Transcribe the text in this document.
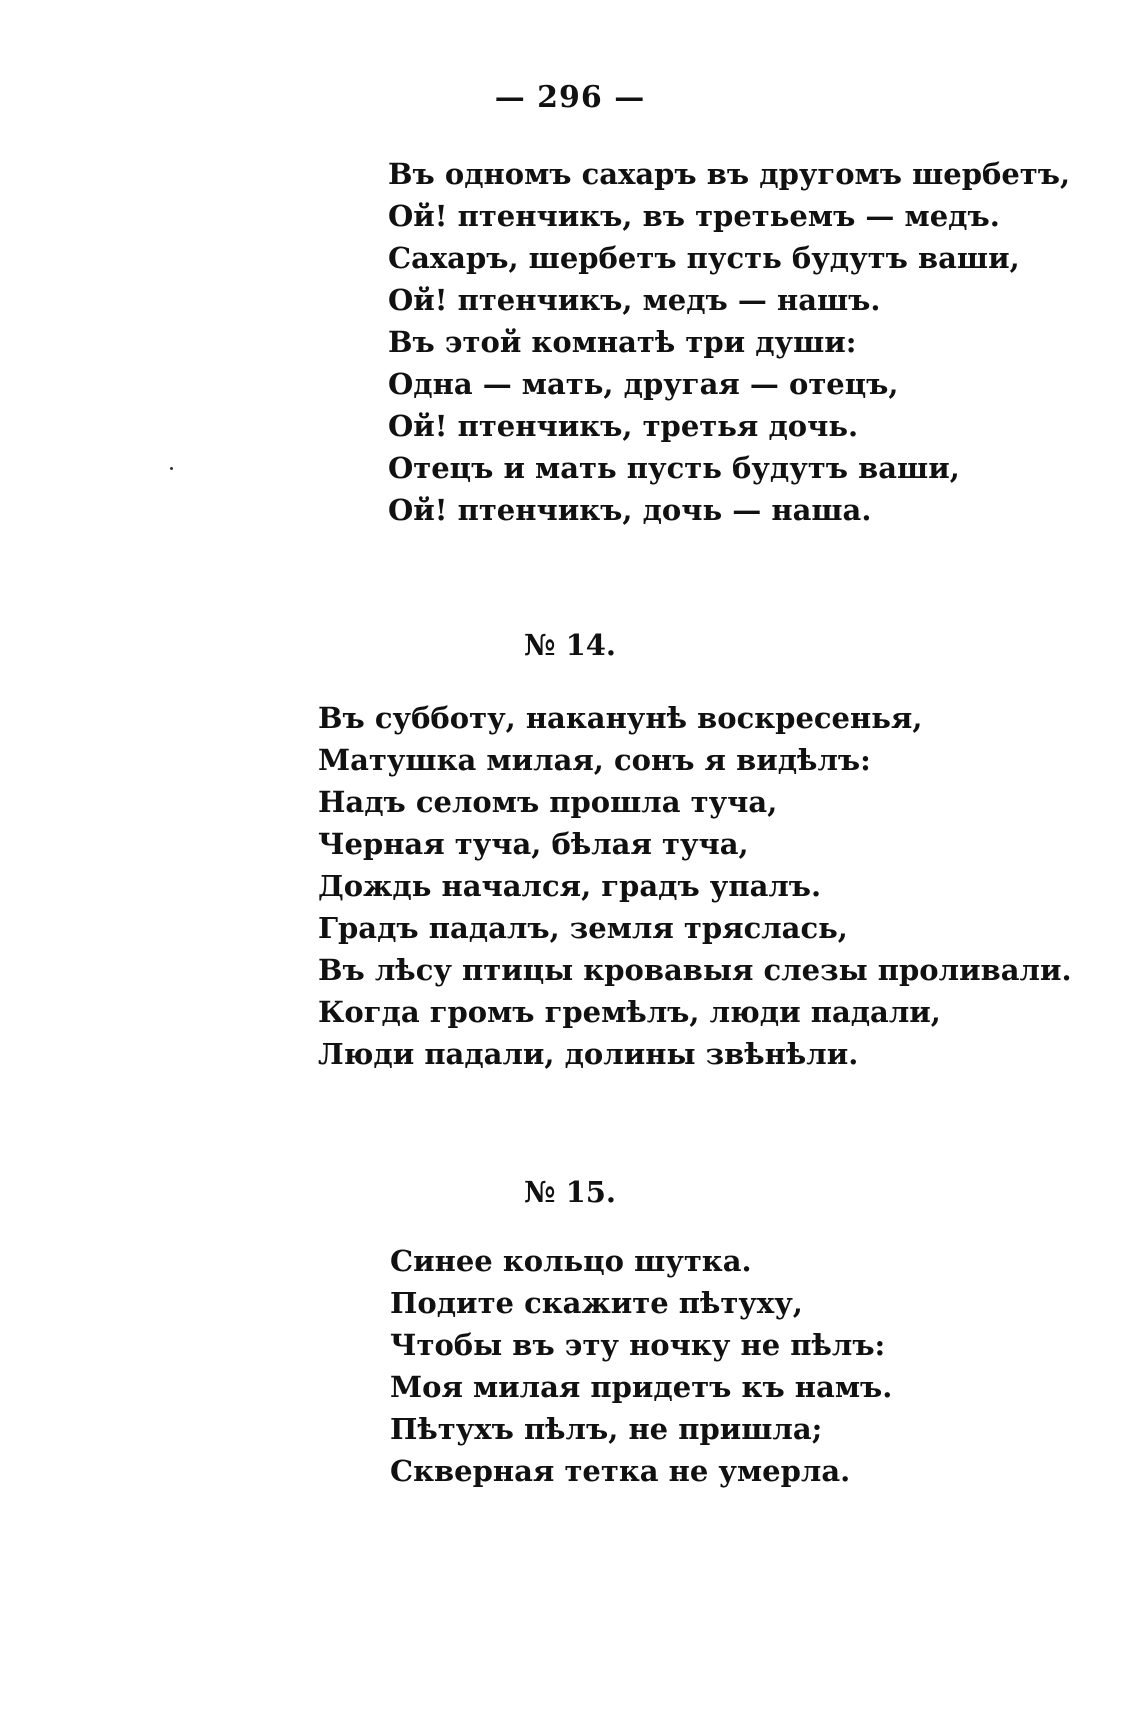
— 296 —
Въ одномъ сахаръ въ другомъ шербетъ,
Ой! птенчикъ, въ третьемъ — медъ.
Сахаръ, шербетъ пусть будутъ ваши,
Ой! птенчикъ, медъ — нашъ.
Въ этой комнатѣ три души:
Одна — мать, другая — отецъ,
Ой! птенчикъ, третья дочь.
Отецъ и мать пусть будутъ ваши,
Ой! птенчикъ, дочь — наша.
№ 14.
Въ субботу, наканунѣ воскресенья,
Матушка милая, сонъ я видѣлъ:
Надъ селомъ прошла туча,
Черная туча, бѣлая туча,
Дождь начался, градъ упалъ.
Градъ падалъ, земля тряслась,
Въ лѣсу птицы кровавыя слезы проливали.
Когда громъ гремѣлъ, люди падали,
Люди падали, долины звѣнѣли.
№ 15.
Синее кольцо шутка.
Подите скажите пѣтуху,
Чтобы въ эту ночку не пѣлъ:
Моя милая придетъ къ намъ.
Пѣтухъ пѣлъ, не пришла;
Скверная тетка не умерла.
